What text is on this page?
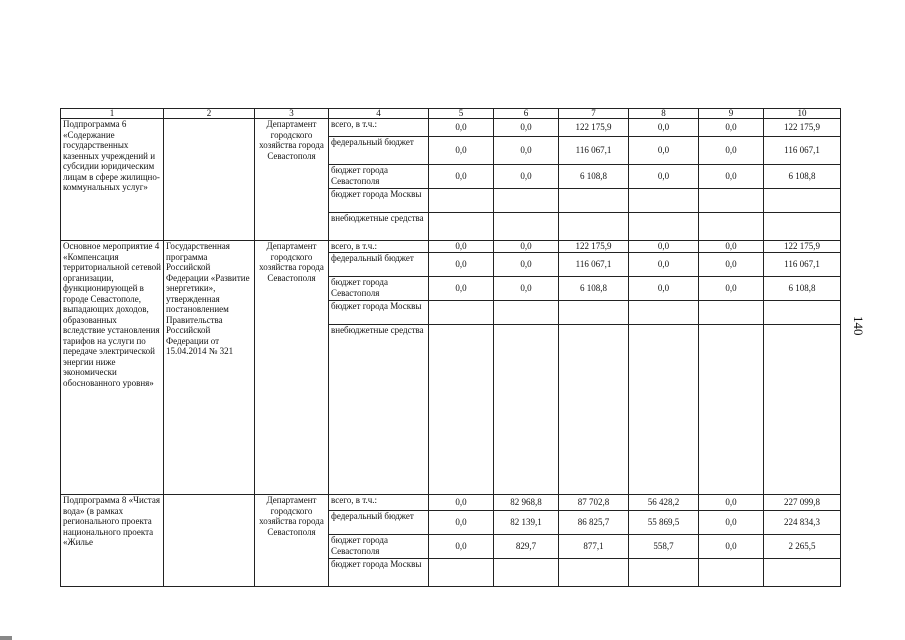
1	2	3	4	5	6	7	8	9	10
Подпрограмма 6 «Содержание государственных казенных учреждений и субсидии юридическим лицам в сфере жилищно-коммунальных услуг»		Департамент городского хозяйства города Севастополя	всего, в т.ч.:	0,0	0,0	122 175,9	0,0	0,0	122 175,9
			федеральный бюджет	0,0	0,0	116 067,1	0,0	0,0	116 067,1
			бюджет города Севастополя	0,0	0,0	6 108,8	0,0	0,0	6 108,8
			бюджет города Москвы						
			внебюджетные средства						
Основное мероприятие 4 «Компенсация территориальной сетевой организации, функционирующей в городе Севастополе, выпадающих доходов, образованных вследствие установления тарифов на услуги по передаче электрической энергии ниже экономически обоснованного уровня»	Государственная программа Российской Федерации «Развитие энергетики», утвержденная постановлением Правительства Российской Федерации от 15.04.2014 № 321	Департамент городского хозяйства города Севастополя	всего, в т.ч.:	0,0	0,0	122 175,9	0,0	0,0	122 175,9
			федеральный бюджет	0,0	0,0	116 067,1	0,0	0,0	116 067,1
			бюджет города Севастополя	0,0	0,0	6 108,8	0,0	0,0	6 108,8
			бюджет города Москвы						
			внебюджетные средства						
Подпрограмма 8 «Чистая вода» (в рамках регионального проекта национального проекта «Жилье		Департамент городского хозяйства города Севастополя	всего, в т.ч.:	0,0	82 968,8	87 702,8	56 428,2	0,0	227 099,8
			федеральный бюджет	0,0	82 139,1	86 825,7	55 869,5	0,0	224 834,3
			бюджет города Севастополя	0,0	829,7	877,1	558,7	0,0	2 265,5
			бюджет города Москвы						
140
